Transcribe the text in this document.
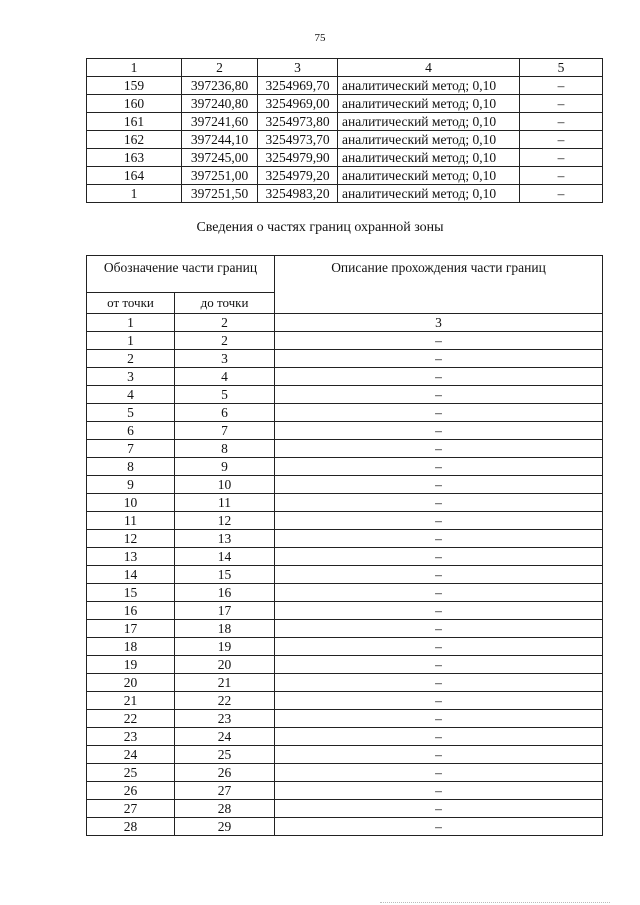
75
1	2	3	4	5
159	397236,80	3254969,70	аналитический метод; 0,10	–
160	397240,80	3254969,00	аналитический метод; 0,10	–
161	397241,60	3254973,80	аналитический метод; 0,10	–
162	397244,10	3254973,70	аналитический метод; 0,10	–
163	397245,00	3254979,90	аналитический метод; 0,10	–
164	397251,00	3254979,20	аналитический метод; 0,10	–
1	397251,50	3254983,20	аналитический метод; 0,10	–
Сведения о частях границ охранной зоны
Обозначение части границ		Описание прохождения части границ
от точки	до точки	
1	2	3
1	2	–
2	3	–
3	4	–
4	5	–
5	6	–
6	7	–
7	8	–
8	9	–
9	10	–
10	11	–
11	12	–
12	13	–
13	14	–
14	15	–
15	16	–
16	17	–
17	18	–
18	19	–
19	20	–
20	21	–
21	22	–
22	23	–
23	24	–
24	25	–
25	26	–
26	27	–
27	28	–
28	29	–
